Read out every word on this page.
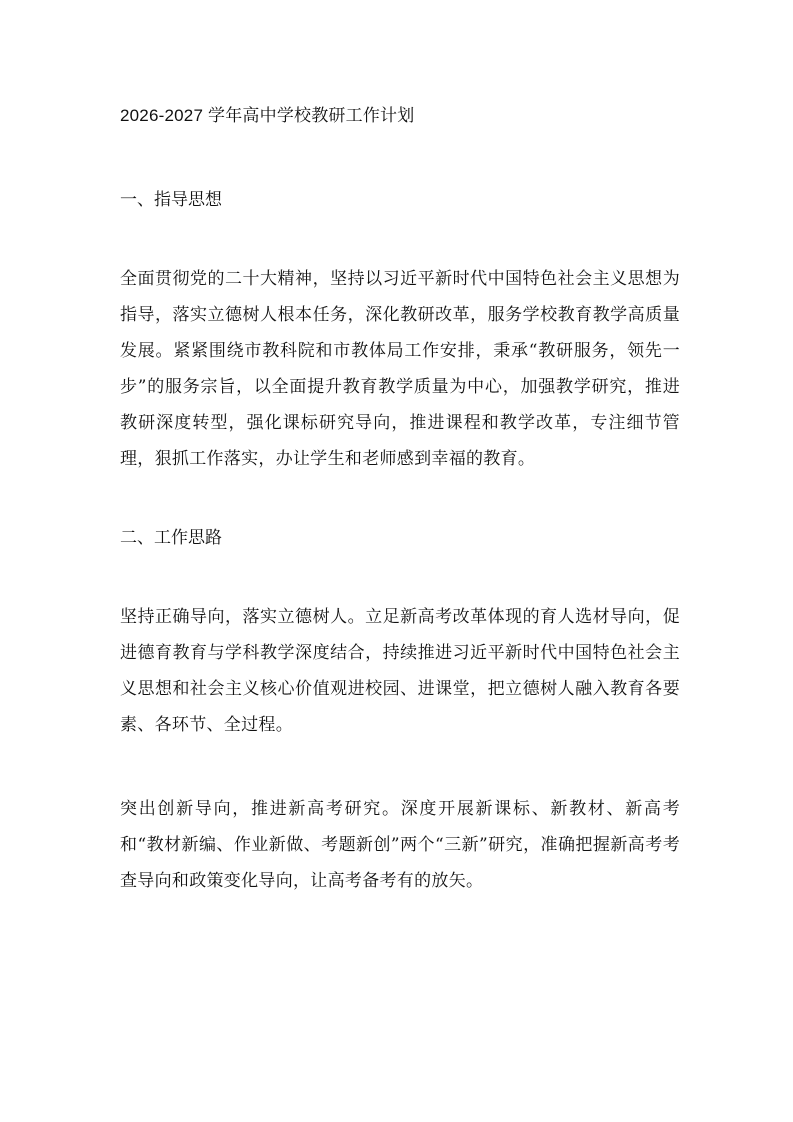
2026-2027 学年高中学校教研工作计划
一、指导思想

全面贯彻党的二十大精神，坚持以习近平新时代中国特色社会主义思想为指导，落实立德树人根本任务，深化教研改革，服务学校教育教学高质量发展。紧紧围绕市教科院和市教体局工作安排，秉承“教研服务，领先一步”的服务宗旨，以全面提升教育教学质量为中心，加强教学研究，推进教研深度转型，强化课标研究导向，推进课程和教学改革，专注细节管理，狠抓工作落实，办让学生和老师感到幸福的教育。

二、工作思路

坚持正确导向，落实立德树人。立足新高考改革体现的育人选材导向，促进德育教育与学科教学深度结合，持续推进习近平新时代中国特色社会主义思想和社会主义核心价值观进校园、进课堂，把立德树人融入教育各要素、各环节、全过程。

突出创新导向，推进新高考研究。深度开展新课标、新教材、新高考和“教材新编、作业新做、考题新创”两个“三新”研究，准确把握新高考考查导向和政策变化导向，让高考备考有的放矢。
